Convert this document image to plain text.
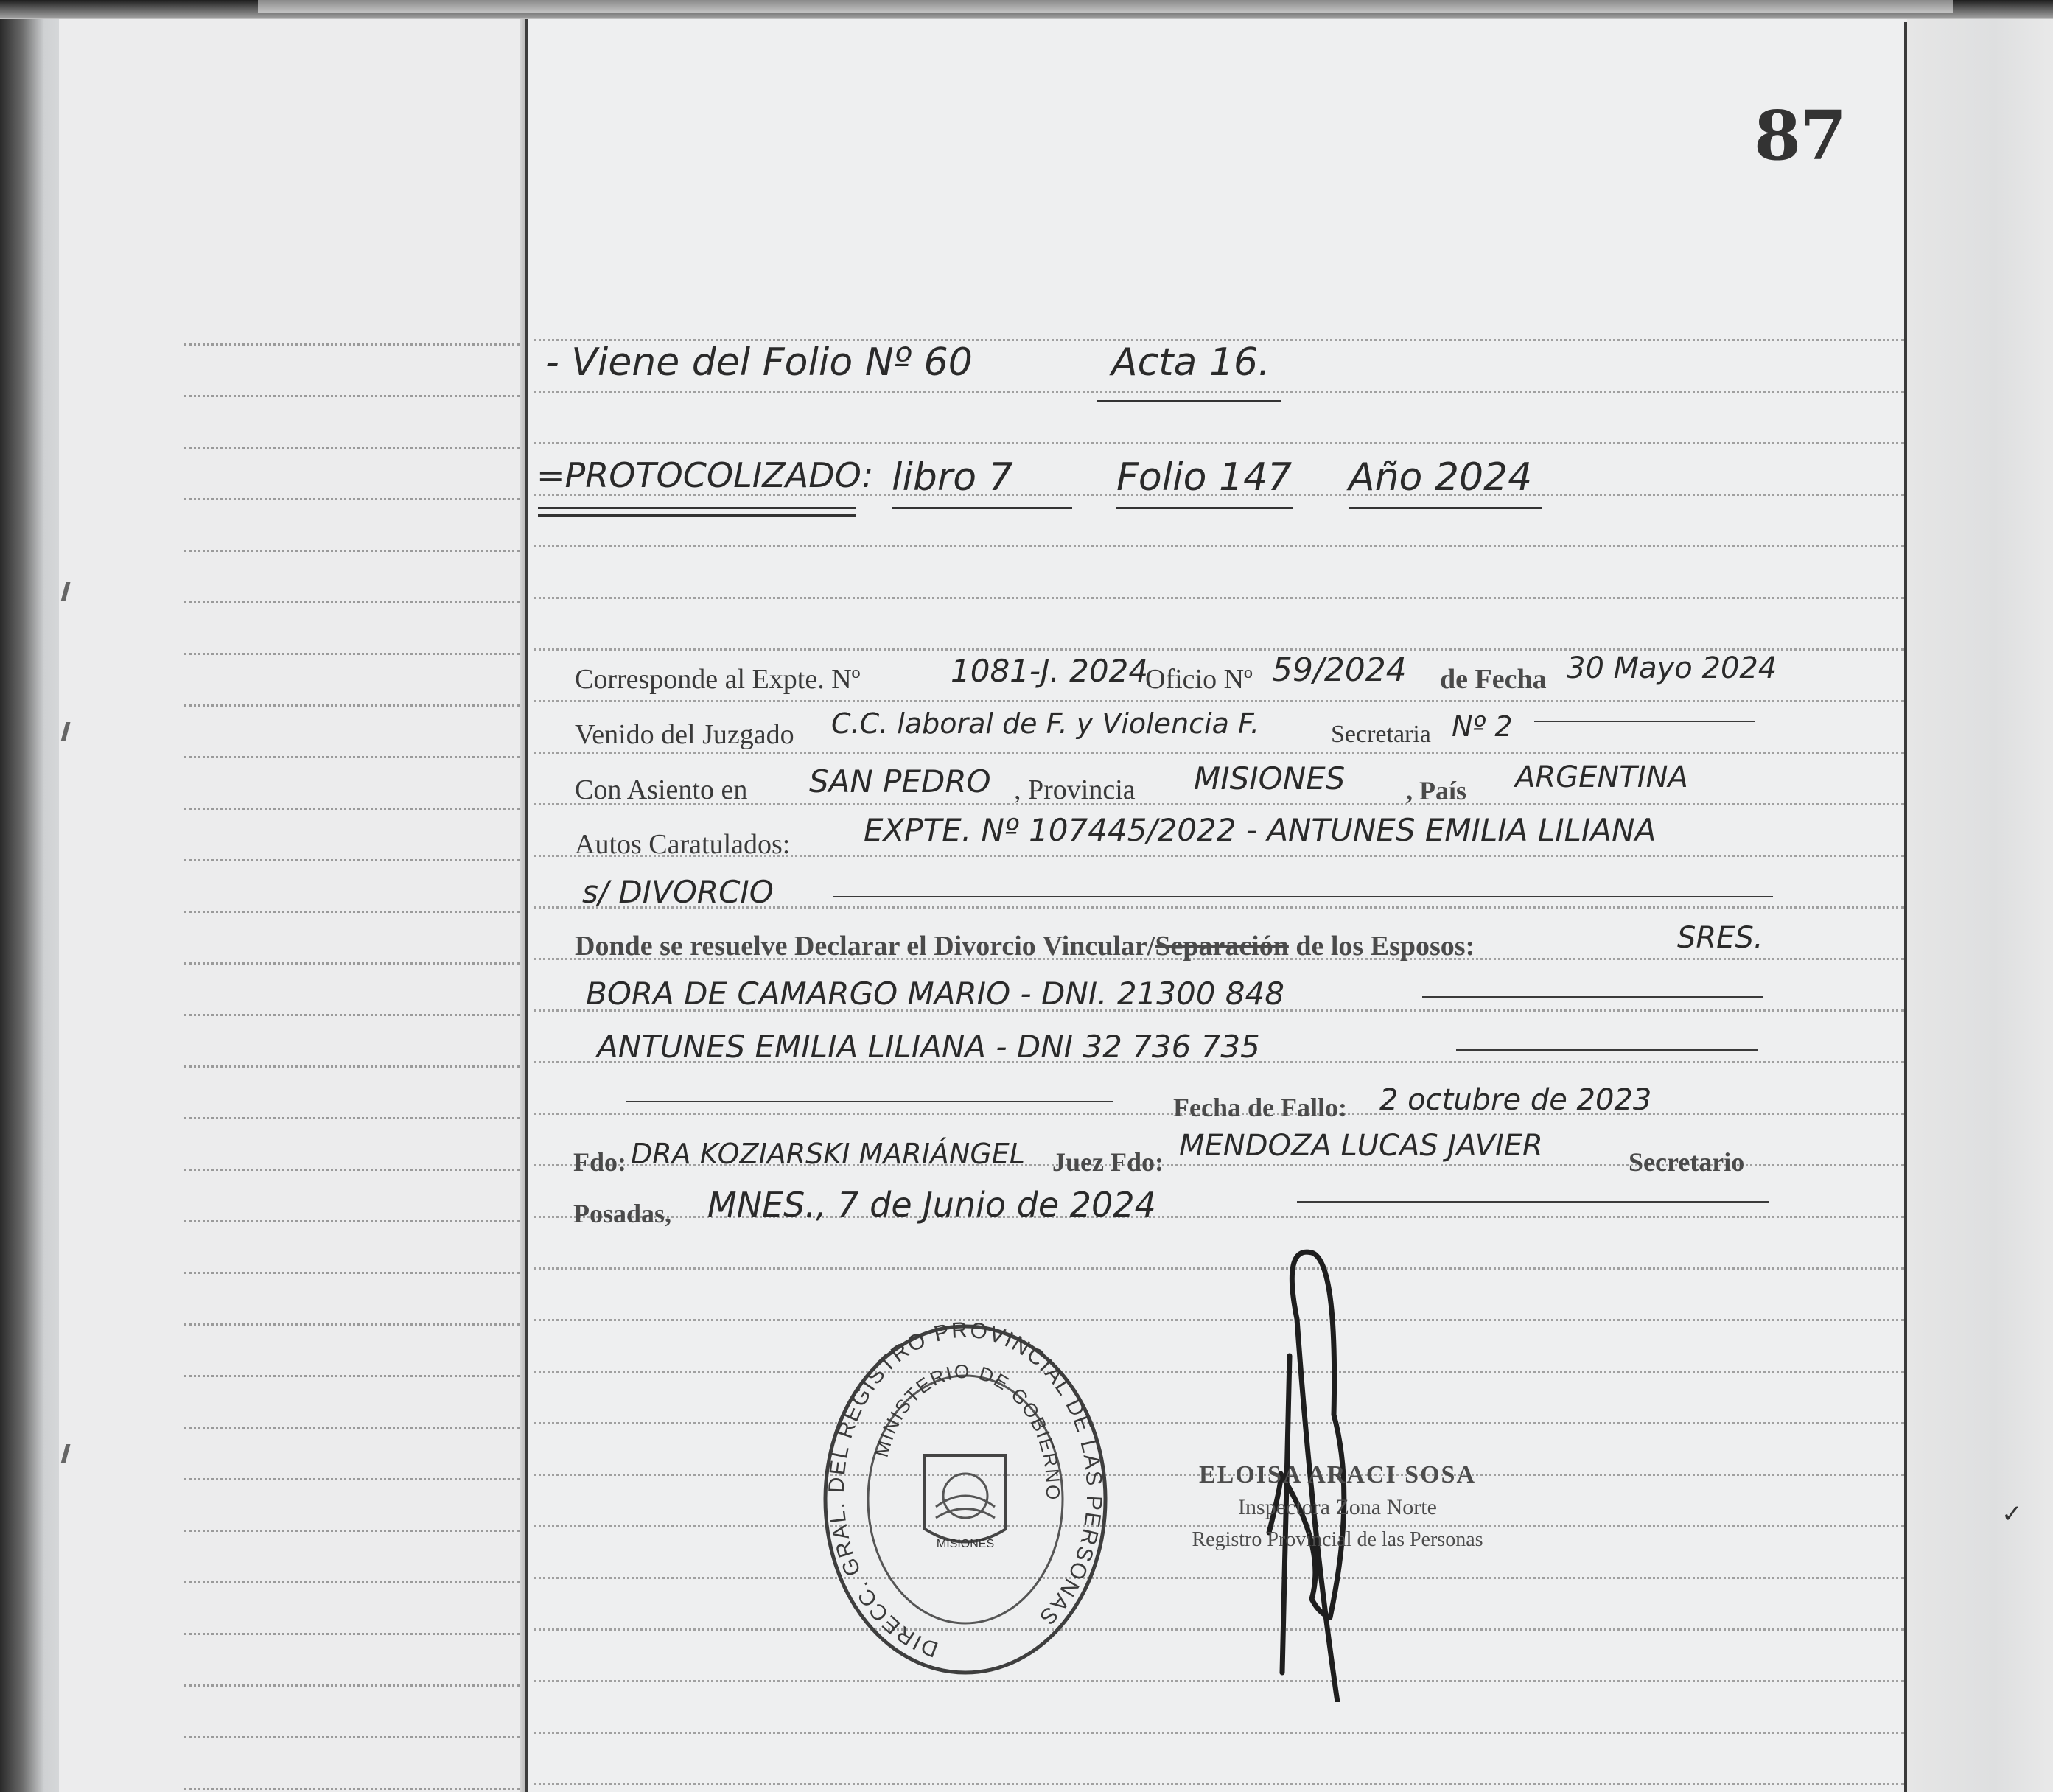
✓
87
- Viene del Folio Nº 60	Acta 16.
=PROTOCOLIZADO: libro 7	Folio 147 Año 2024
Corresponde al Expte. Nº	1081-J. 2024
Oficio Nº 59/2024 de Fecha 30 Mayo 2024
Venido del Juzgado C.C. laboral de F. y Violencia F.	Secretaria Nº 2
Con Asiento en SAN PEDRO , Provincia MISIONES , País ARGENTINA
Autos Caratulados: EXPTE. Nº 107445/2022 - ANTUNES EMILIA LILIANA
s/ DIVORCIO
Donde se resuelve Declarar el Divorcio Vincular/Separación de los Esposos:	SRES.
BORA DE CAMARGO MARIO - DNI. 21300 848
ANTUNES EMILIA LILIANA - DNI 32 736 735
Fecha de Fallo: 2 octubre de 2023
Fdo: DRA KOZIARSKI MARIÁNGEL Juez Fdo: MENDOZA LUCAS JAVIER	Secretario
Posadas, MNES., 7 de Junio de 2024
DIRECC. GRAL. DEL REGISTRO PROVINCIAL DE LAS PERSONAS
MINISTERIO DE GOBIERNO
MISIONES
ELOISA ARACI SOSA
Inspectora Zona Norte
Registro Provincial de las Personas
